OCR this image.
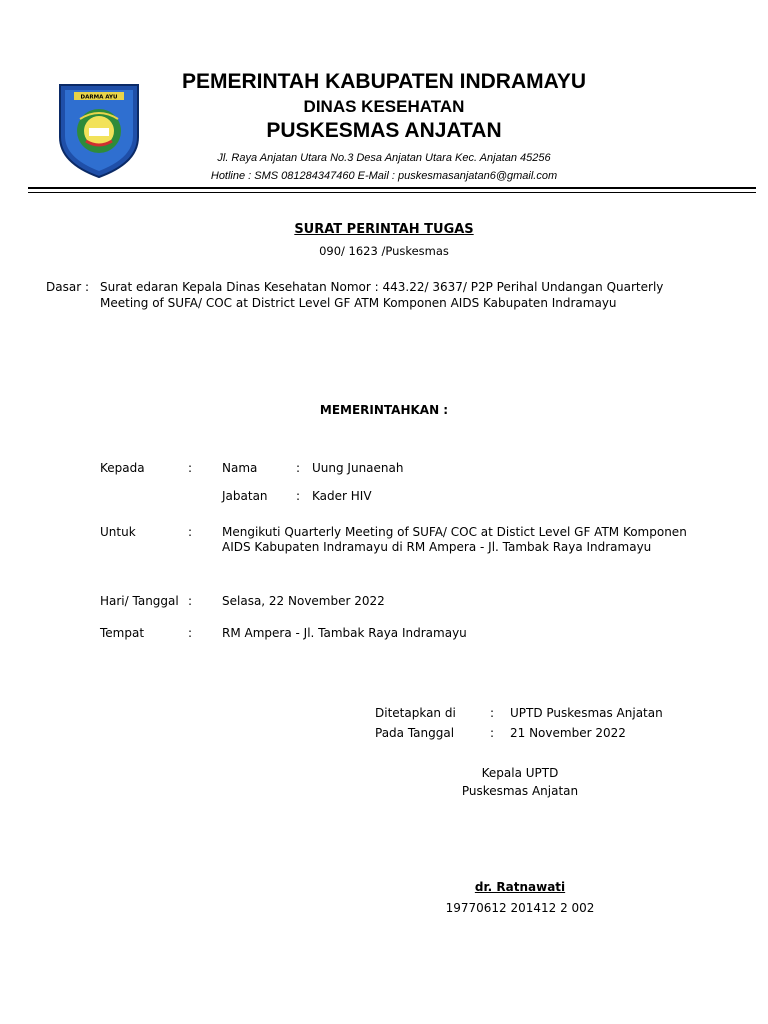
DARMA AYU
PEMERINTAH KABUPATEN INDRAMAYU
DINAS KESEHATAN
PUSKESMAS ANJATAN
Jl. Raya Anjatan Utara No.3 Desa Anjatan Utara Kec. Anjatan 45256
Hotline : SMS 081284347460 E-Mail : puskesmasanjatan6@gmail.com
SURAT PERINTAH TUGAS
090/ 1623 /Puskesmas
Dasar : Surat edaran Kepala Dinas Kesehatan Nomor : 443.22/ 3637/ P2P Perihal Undangan Quarterly
Meeting of SUFA/ COC at District Level GF ATM Komponen AIDS Kabupaten Indramayu
MEMERINTAHKAN :
Kepada	: Nama	: Uung Junaenah
Jabatan : Kader HIV
Untuk	: Mengikuti Quarterly Meeting of SUFA/ COC at Distict Level GF ATM Komponen
AIDS Kabupaten Indramayu di RM Ampera - Jl. Tambak Raya Indramayu
Hari/ Tanggal : Selasa, 22 November 2022
Tempat	: RM Ampera - Jl. Tambak Raya Indramayu
Ditetapkan di	: UPTD Puskesmas Anjatan
Pada Tanggal	: 21 November 2022
Kepala UPTD
Puskesmas Anjatan
dr. Ratnawati
19770612 201412 2 002
